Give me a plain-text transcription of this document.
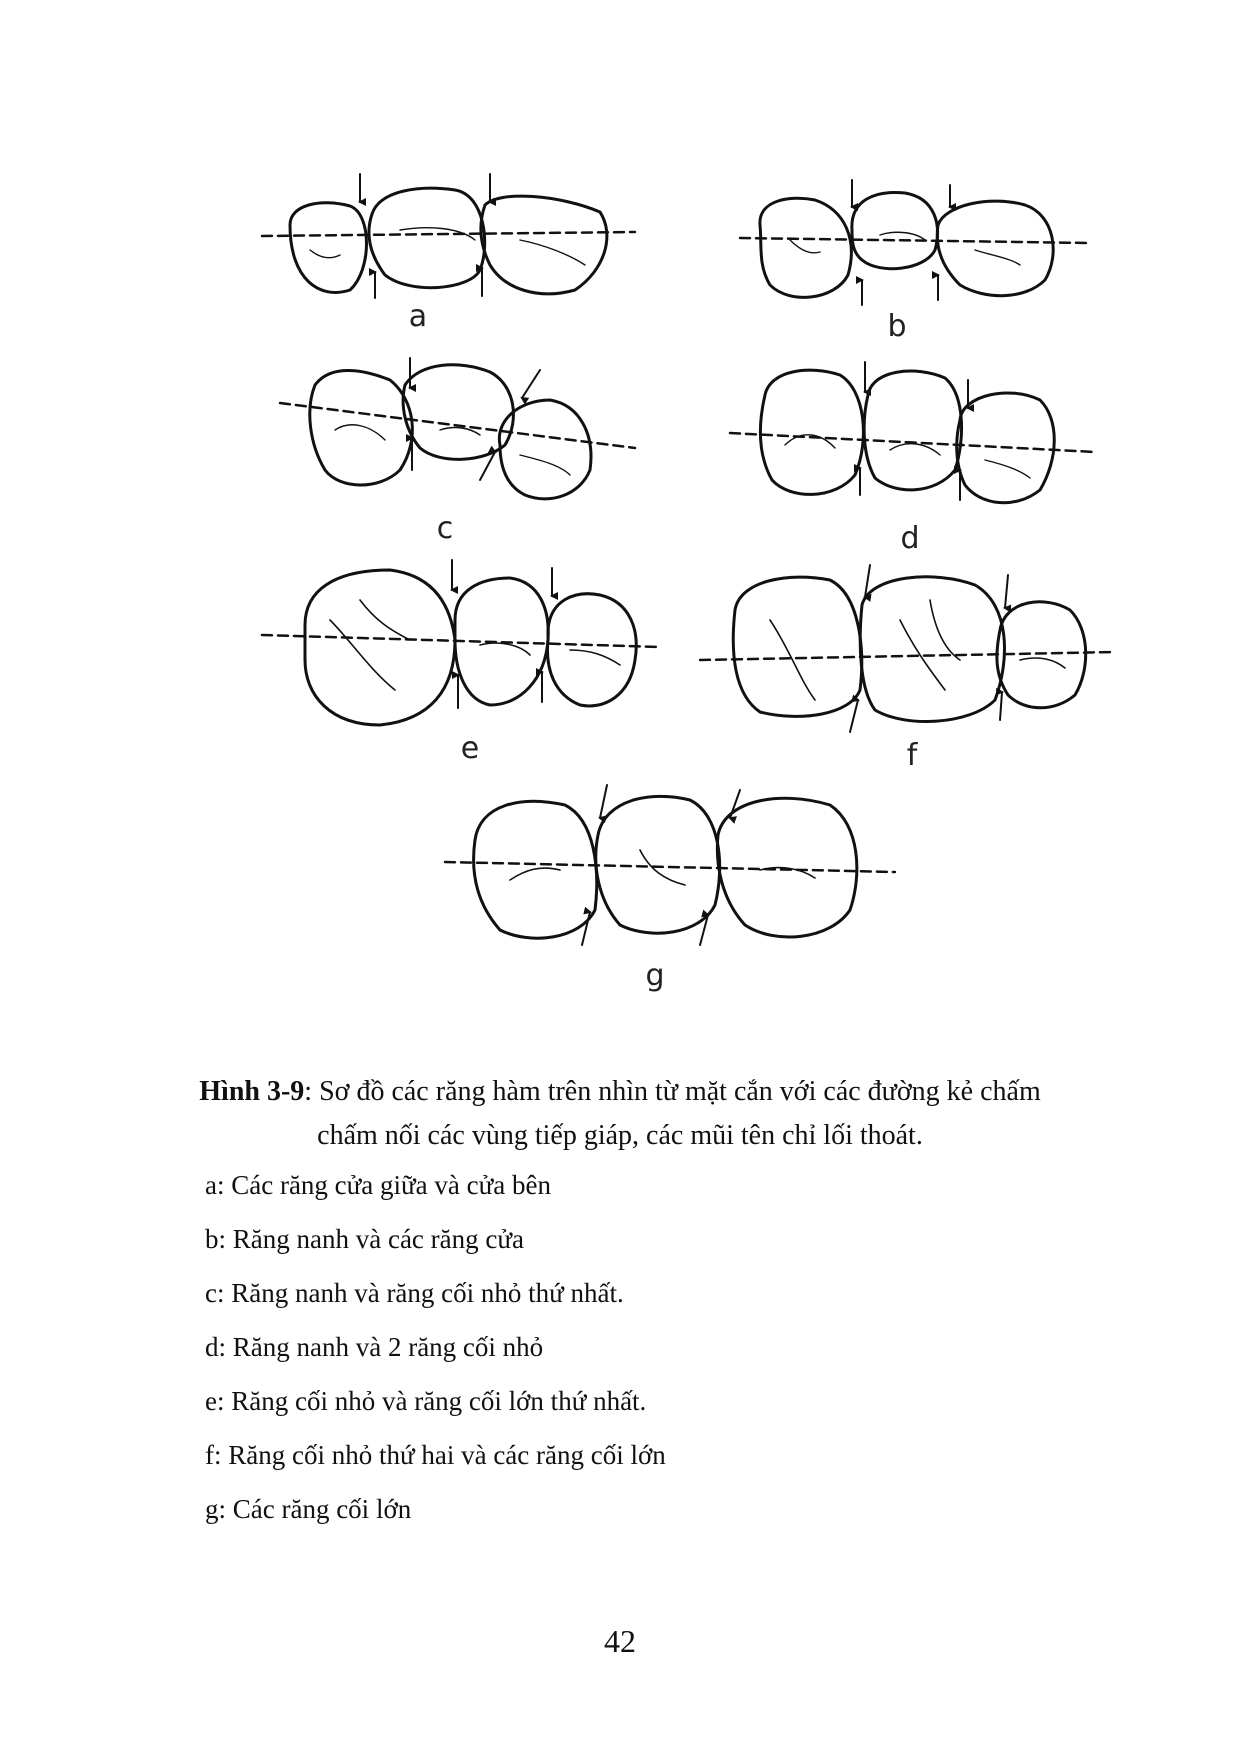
a	b
c	d
e	f
g
Hình 3-9: Sơ đồ các răng hàm trên nhìn từ mặt cắn với các đường kẻ chấm
chấm nối các vùng tiếp giáp, các mũi tên chỉ lối thoát.
a: Các răng cửa giữa và cửa bên
b: Răng nanh và các răng cửa
c: Răng nanh và răng cối nhỏ thứ nhất.
d: Răng nanh và 2 răng cối nhỏ
e: Răng cối nhỏ và răng cối lớn thứ nhất.
f: Răng cối nhỏ thứ hai và các răng cối lớn
g: Các răng cối lớn
42
